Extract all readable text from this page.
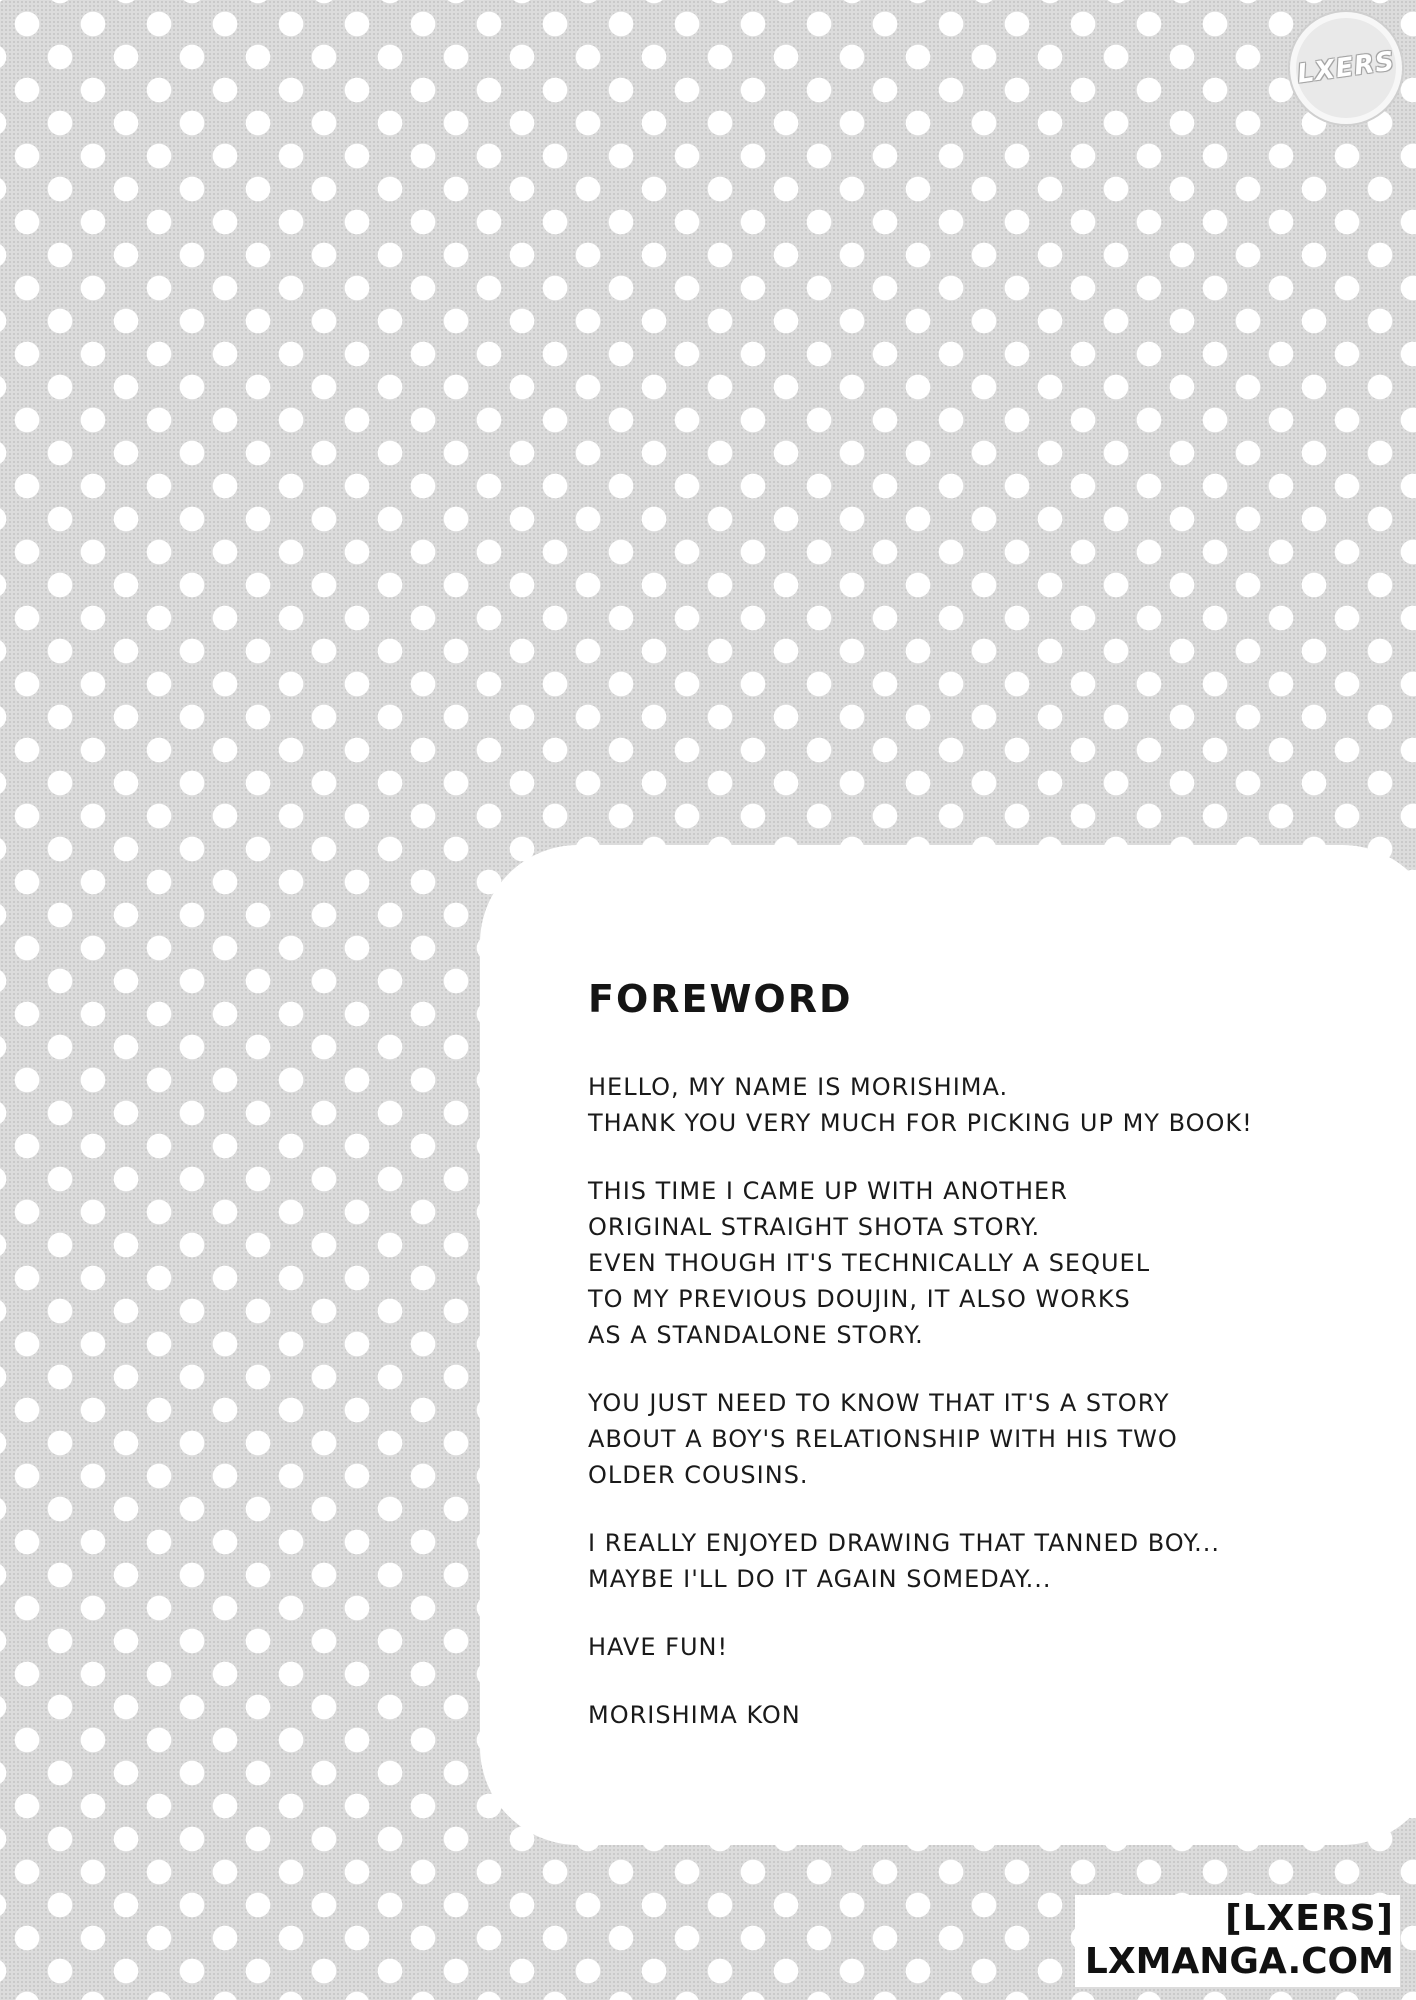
LXERS
FOREWORD
HELLO, MY NAME IS MORISHIMA.
THANK YOU VERY MUCH FOR PICKING UP MY BOOK!
THIS TIME I CAME UP WITH ANOTHER
ORIGINAL STRAIGHT SHOTA STORY.
EVEN THOUGH IT'S TECHNICALLY A SEQUEL
TO MY PREVIOUS DOUJIN, IT ALSO WORKS
AS A STANDALONE STORY.
YOU JUST NEED TO KNOW THAT IT'S A STORY
ABOUT A BOY'S RELATIONSHIP WITH HIS TWO
OLDER COUSINS.
I REALLY ENJOYED DRAWING THAT TANNED BOY...
MAYBE I'LL DO IT AGAIN SOMEDAY...
HAVE FUN!
MORISHIMA KON
[LXERS]
LXMANGA.COM
